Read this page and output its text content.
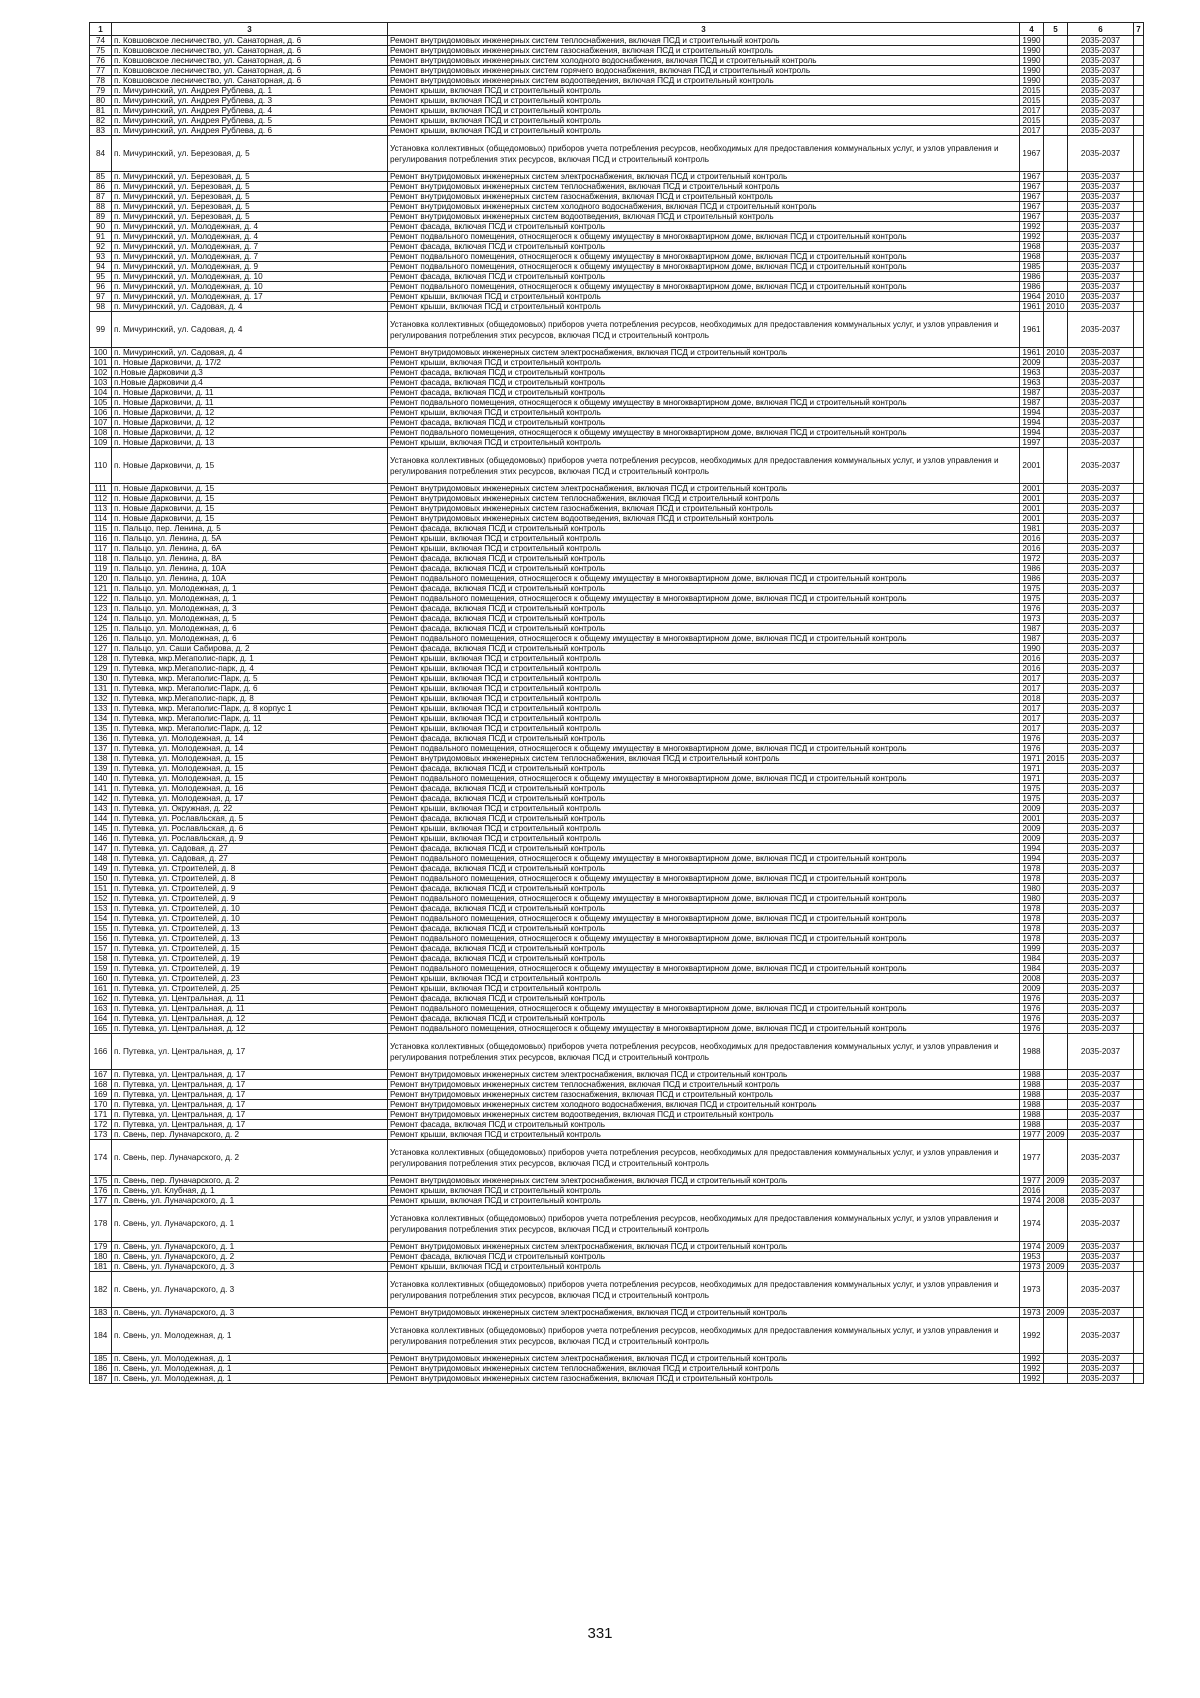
1	3	3	4	5	6	7
74	п. Ковшовское лесничество, ул. Санаторная, д. 6	Ремонт внутридомовых инженерных систем теплоснабжения, включая ПСД и строительный контроль	1990		2035-2037	
75	п. Ковшовское лесничество, ул. Санаторная, д. 6	Ремонт внутридомовых инженерных систем газоснабжения, включая ПСД и строительный контроль	1990		2035-2037	
76	п. Ковшовское лесничество, ул. Санаторная, д. 6	Ремонт внутридомовых инженерных систем холодного водоснабжения, включая ПСД и строительный контроль	1990		2035-2037	
77	п. Ковшовское лесничество, ул. Санаторная, д. 6	Ремонт внутридомовых инженерных систем горячего водоснабжения, включая ПСД и строительный контроль	1990		2035-2037	
78	п. Ковшовское лесничество, ул. Санаторная, д. 6	Ремонт внутридомовых инженерных систем водоотведения, включая ПСД и строительный контроль	1990		2035-2037	
79	п. Мичуринский, ул. Андрея Рублева, д. 1	Ремонт крыши, включая ПСД и строительный контроль	2015		2035-2037	
80	п. Мичуринский, ул. Андрея Рублева, д. 3	Ремонт крыши, включая ПСД и строительный контроль	2015		2035-2037	
81	п. Мичуринский, ул. Андрея Рублева, д. 4	Ремонт крыши, включая ПСД и строительный контроль	2017		2035-2037	
82	п. Мичуринский, ул. Андрея Рублева, д. 5	Ремонт крыши, включая ПСД и строительный контроль	2015		2035-2037	
83	п. Мичуринский, ул. Андрея Рублева, д. 6	Ремонт крыши, включая ПСД и строительный контроль	2017		2035-2037	
84	п. Мичуринский, ул. Березовая, д. 5	Установка коллективных (общедомовых) приборов учета потребления ресурсов, необходимых для предоставления коммунальных услуг, и узлов управления и регулирования потребления этих ресурсов, включая ПСД и строительный контроль	1967		2035-2037	
85	п. Мичуринский, ул. Березовая, д. 5	Ремонт внутридомовых инженерных систем электроснабжения, включая ПСД и строительный контроль	1967		2035-2037	
86	п. Мичуринский, ул. Березовая, д. 5	Ремонт внутридомовых инженерных систем теплоснабжения, включая ПСД и строительный контроль	1967		2035-2037	
87	п. Мичуринский, ул. Березовая, д. 5	Ремонт внутридомовых инженерных систем газоснабжения, включая ПСД и строительный контроль	1967		2035-2037	
88	п. Мичуринский, ул. Березовая, д. 5	Ремонт внутридомовых инженерных систем холодного водоснабжения, включая ПСД и строительный контроль	1967		2035-2037	
89	п. Мичуринский, ул. Березовая, д. 5	Ремонт внутридомовых инженерных систем водоотведения, включая ПСД и строительный контроль	1967		2035-2037	
90	п. Мичуринский, ул. Молодежная, д. 4	Ремонт фасада, включая ПСД и строительный контроль	1992		2035-2037	
91	п. Мичуринский, ул. Молодежная, д. 4	Ремонт подвального помещения, относящегося к общему имуществу в многоквартирном доме, включая ПСД и строительный контроль	1992		2035-2037	
92	п. Мичуринский, ул. Молодежная, д. 7	Ремонт фасада, включая ПСД и строительный контроль	1968		2035-2037	
93	п. Мичуринский, ул. Молодежная, д. 7	Ремонт подвального помещения, относящегося к общему имуществу в многоквартирном доме, включая ПСД и строительный контроль	1968		2035-2037	
94	п. Мичуринский, ул. Молодежная, д. 9	Ремонт подвального помещения, относящегося к общему имуществу в многоквартирном доме, включая ПСД и строительный контроль	1985		2035-2037	
95	п. Мичуринский, ул. Молодежная, д. 10	Ремонт фасада, включая ПСД и строительный контроль	1986		2035-2037	
96	п. Мичуринский, ул. Молодежная, д. 10	Ремонт подвального помещения, относящегося к общему имуществу в многоквартирном доме, включая ПСД и строительный контроль	1986		2035-2037	
97	п. Мичуринский, ул. Молодежная, д. 17	Ремонт крыши, включая ПСД и строительный контроль	1964	2010	2035-2037	
98	п. Мичуринский, ул. Садовая, д. 4	Ремонт крыши, включая ПСД и строительный контроль	1961	2010	2035-2037	
99	п. Мичуринский, ул. Садовая, д. 4	Установка коллективных (общедомовых) приборов учета потребления ресурсов, необходимых для предоставления коммунальных услуг, и узлов управления и регулирования потребления этих ресурсов, включая ПСД и строительный контроль	1961		2035-2037	
100	п. Мичуринский, ул. Садовая, д. 4	Ремонт внутридомовых инженерных систем электроснабжения, включая ПСД и строительный контроль	1961	2010	2035-2037	
101	п. Новые Дарковичи, д. 17/2	Ремонт крыши, включая ПСД и строительный контроль	2009		2035-2037	
102	п.Новые Дарковичи д.3	Ремонт фасада, включая ПСД и строительный контроль	1963		2035-2037	
103	п.Новые Дарковичи д.4	Ремонт фасада, включая ПСД и строительный контроль	1963		2035-2037	
104	п. Новые Дарковичи, д. 11	Ремонт фасада, включая ПСД и строительный контроль	1987		2035-2037	
105	п. Новые Дарковичи, д. 11	Ремонт подвального помещения, относящегося к общему имуществу в многоквартирном доме, включая ПСД и строительный контроль	1987		2035-2037	
106	п. Новые Дарковичи, д. 12	Ремонт крыши, включая ПСД и строительный контроль	1994		2035-2037	
107	п. Новые Дарковичи, д. 12	Ремонт фасада, включая ПСД и строительный контроль	1994		2035-2037	
108	п. Новые Дарковичи, д. 12	Ремонт подвального помещения, относящегося к общему имуществу в многоквартирном доме, включая ПСД и строительный контроль	1994		2035-2037	
109	п. Новые Дарковичи, д. 13	Ремонт крыши, включая ПСД и строительный контроль	1997		2035-2037	
110	п. Новые Дарковичи, д. 15	Установка коллективных (общедомовых) приборов учета потребления ресурсов, необходимых для предоставления коммунальных услуг, и узлов управления и регулирования потребления этих ресурсов, включая ПСД и строительный контроль	2001		2035-2037	
111	п. Новые Дарковичи, д. 15	Ремонт внутридомовых инженерных систем электроснабжения, включая ПСД и строительный контроль	2001		2035-2037	
112	п. Новые Дарковичи, д. 15	Ремонт внутридомовых инженерных систем теплоснабжения, включая ПСД и строительный контроль	2001		2035-2037	
113	п. Новые Дарковичи, д. 15	Ремонт внутридомовых инженерных систем газоснабжения, включая ПСД и строительный контроль	2001		2035-2037	
114	п. Новые Дарковичи, д. 15	Ремонт внутридомовых инженерных систем водоотведения, включая ПСД и строительный контроль	2001		2035-2037	
115	п. Пальцо, пер. Ленина, д. 5	Ремонт фасада, включая ПСД и строительный контроль	1981		2035-2037	
116	п. Пальцо, ул. Ленина, д. 5А	Ремонт крыши, включая ПСД и строительный контроль	2016		2035-2037	
117	п. Пальцо, ул. Ленина, д. 6А	Ремонт крыши, включая ПСД и строительный контроль	2016		2035-2037	
118	п. Пальцо, ул. Ленина, д. 8А	Ремонт фасада, включая ПСД и строительный контроль	1972		2035-2037	
119	п. Пальцо, ул. Ленина, д. 10А	Ремонт фасада, включая ПСД и строительный контроль	1986		2035-2037	
120	п. Пальцо, ул. Ленина, д. 10А	Ремонт подвального помещения, относящегося к общему имуществу в многоквартирном доме, включая ПСД и строительный контроль	1986		2035-2037	
121	п. Пальцо, ул. Молодежная, д. 1	Ремонт фасада, включая ПСД и строительный контроль	1975		2035-2037	
122	п. Пальцо, ул. Молодежная, д. 1	Ремонт подвального помещения, относящегося к общему имуществу в многоквартирном доме, включая ПСД и строительный контроль	1975		2035-2037	
123	п. Пальцо, ул. Молодежная, д. 3	Ремонт фасада, включая ПСД и строительный контроль	1976		2035-2037	
124	п. Пальцо, ул. Молодежная, д. 5	Ремонт фасада, включая ПСД и строительный контроль	1973		2035-2037	
125	п. Пальцо, ул. Молодежная, д. 6	Ремонт фасада, включая ПСД и строительный контроль	1987		2035-2037	
126	п. Пальцо, ул. Молодежная, д. 6	Ремонт подвального помещения, относящегося к общему имуществу в многоквартирном доме, включая ПСД и строительный контроль	1987		2035-2037	
127	п. Пальцо, ул. Саши Сабирова, д. 2	Ремонт фасада, включая ПСД и строительный контроль	1990		2035-2037	
128	п. Путевка, мкр.Мегаполис-парк, д. 1	Ремонт крыши, включая ПСД и строительный контроль	2016		2035-2037	
129	п. Путевка, мкр.Мегаполис-парк, д. 4	Ремонт крыши, включая ПСД и строительный контроль	2016		2035-2037	
130	п. Путевка, мкр. Мегаполис-Парк, д. 5	Ремонт крыши, включая ПСД и строительный контроль	2017		2035-2037	
131	п. Путевка, мкр. Мегаполис-Парк, д. 6	Ремонт крыши, включая ПСД и строительный контроль	2017		2035-2037	
132	п. Путевка, мкр.Мегаполис-парк, д. 8	Ремонт крыши, включая ПСД и строительный контроль	2018		2035-2037	
133	п. Путевка, мкр. Мегаполис-Парк, д. 8 корпус 1	Ремонт крыши, включая ПСД и строительный контроль	2017		2035-2037	
134	п. Путевка, мкр. Мегаполис-Парк, д. 11	Ремонт крыши, включая ПСД и строительный контроль	2017		2035-2037	
135	п. Путевка, мкр. Мегаполис-Парк, д. 12	Ремонт крыши, включая ПСД и строительный контроль	2017		2035-2037	
136	п. Путевка, ул. Молодежная, д. 14	Ремонт фасада, включая ПСД и строительный контроль	1976		2035-2037	
137	п. Путевка, ул. Молодежная, д. 14	Ремонт подвального помещения, относящегося к общему имуществу в многоквартирном доме, включая ПСД и строительный контроль	1976		2035-2037	
138	п. Путевка, ул. Молодежная, д. 15	Ремонт внутридомовых инженерных систем теплоснабжения, включая ПСД и строительный контроль	1971	2015	2035-2037	
139	п. Путевка, ул. Молодежная, д. 15	Ремонт фасада, включая ПСД и строительный контроль	1971		2035-2037	
140	п. Путевка, ул. Молодежная, д. 15	Ремонт подвального помещения, относящегося к общему имуществу в многоквартирном доме, включая ПСД и строительный контроль	1971		2035-2037	
141	п. Путевка, ул. Молодежная, д. 16	Ремонт фасада, включая ПСД и строительный контроль	1975		2035-2037	
142	п. Путевка, ул. Молодежная, д. 17	Ремонт фасада, включая ПСД и строительный контроль	1975		2035-2037	
143	п. Путевка, ул. Окружная, д. 22	Ремонт крыши, включая ПСД и строительный контроль	2009		2035-2037	
144	п. Путевка, ул. Рославльская, д. 5	Ремонт фасада, включая ПСД и строительный контроль	2001		2035-2037	
145	п. Путевка, ул. Рославльская, д. 6	Ремонт крыши, включая ПСД и строительный контроль	2009		2035-2037	
146	п. Путевка, ул. Рославльская, д. 9	Ремонт крыши, включая ПСД и строительный контроль	2009		2035-2037	
147	п. Путевка, ул. Садовая, д. 27	Ремонт фасада, включая ПСД и строительный контроль	1994		2035-2037	
148	п. Путевка, ул. Садовая, д. 27	Ремонт подвального помещения, относящегося к общему имуществу в многоквартирном доме, включая ПСД и строительный контроль	1994		2035-2037	
149	п. Путевка, ул. Строителей, д. 8	Ремонт фасада, включая ПСД и строительный контроль	1978		2035-2037	
150	п. Путевка, ул. Строителей, д. 8	Ремонт подвального помещения, относящегося к общему имуществу в многоквартирном доме, включая ПСД и строительный контроль	1978		2035-2037	
151	п. Путевка, ул. Строителей, д. 9	Ремонт фасада, включая ПСД и строительный контроль	1980		2035-2037	
152	п. Путевка, ул. Строителей, д. 9	Ремонт подвального помещения, относящегося к общему имуществу в многоквартирном доме, включая ПСД и строительный контроль	1980		2035-2037	
153	п. Путевка, ул. Строителей, д. 10	Ремонт фасада, включая ПСД и строительный контроль	1978		2035-2037	
154	п. Путевка, ул. Строителей, д. 10	Ремонт подвального помещения, относящегося к общему имуществу в многоквартирном доме, включая ПСД и строительный контроль	1978		2035-2037	
155	п. Путевка, ул. Строителей, д. 13	Ремонт фасада, включая ПСД и строительный контроль	1978		2035-2037	
156	п. Путевка, ул. Строителей, д. 13	Ремонт подвального помещения, относящегося к общему имуществу в многоквартирном доме, включая ПСД и строительный контроль	1978		2035-2037	
157	п. Путевка, ул. Строителей, д. 15	Ремонт фасада, включая ПСД и строительный контроль	1999		2035-2037	
158	п. Путевка, ул. Строителей, д. 19	Ремонт фасада, включая ПСД и строительный контроль	1984		2035-2037	
159	п. Путевка, ул. Строителей, д. 19	Ремонт подвального помещения, относящегося к общему имуществу в многоквартирном доме, включая ПСД и строительный контроль	1984		2035-2037	
160	п. Путевка, ул. Строителей, д. 23	Ремонт крыши, включая ПСД и строительный контроль	2008		2035-2037	
161	п. Путевка, ул. Строителей, д. 25	Ремонт крыши, включая ПСД и строительный контроль	2009		2035-2037	
162	п. Путевка, ул. Центральная, д. 11	Ремонт фасада, включая ПСД и строительный контроль	1976		2035-2037	
163	п. Путевка, ул. Центральная, д. 11	Ремонт подвального помещения, относящегося к общему имуществу в многоквартирном доме, включая ПСД и строительный контроль	1976		2035-2037	
164	п. Путевка, ул. Центральная, д. 12	Ремонт фасада, включая ПСД и строительный контроль	1976		2035-2037	
165	п. Путевка, ул. Центральная, д. 12	Ремонт подвального помещения, относящегося к общему имуществу в многоквартирном доме, включая ПСД и строительный контроль	1976		2035-2037	
166	п. Путевка, ул. Центральная, д. 17	Установка коллективных (общедомовых) приборов учета потребления ресурсов, необходимых для предоставления коммунальных услуг, и узлов управления и регулирования потребления этих ресурсов, включая ПСД и строительный контроль	1988		2035-2037	
167	п. Путевка, ул. Центральная, д. 17	Ремонт внутридомовых инженерных систем электроснабжения, включая ПСД и строительный контроль	1988		2035-2037	
168	п. Путевка, ул. Центральная, д. 17	Ремонт внутридомовых инженерных систем теплоснабжения, включая ПСД и строительный контроль	1988		2035-2037	
169	п. Путевка, ул. Центральная, д. 17	Ремонт внутридомовых инженерных систем газоснабжения, включая ПСД и строительный контроль	1988		2035-2037	
170	п. Путевка, ул. Центральная, д. 17	Ремонт внутридомовых инженерных систем холодного водоснабжения, включая ПСД и строительный контроль	1988		2035-2037	
171	п. Путевка, ул. Центральная, д. 17	Ремонт внутридомовых инженерных систем водоотведения, включая ПСД и строительный контроль	1988		2035-2037	
172	п. Путевка, ул. Центральная, д. 17	Ремонт фасада, включая ПСД и строительный контроль	1988		2035-2037	
173	п. Свень, пер. Луначарского, д. 2	Ремонт крыши, включая ПСД и строительный контроль	1977	2009	2035-2037	
174	п. Свень, пер. Луначарского, д. 2	Установка коллективных (общедомовых) приборов учета потребления ресурсов, необходимых для предоставления коммунальных услуг, и узлов управления и регулирования потребления этих ресурсов, включая ПСД и строительный контроль	1977		2035-2037	
175	п. Свень, пер. Луначарского, д. 2	Ремонт внутридомовых инженерных систем электроснабжения, включая ПСД и строительный контроль	1977	2009	2035-2037	
176	п. Свень, ул. Клубная, д. 1	Ремонт крыши, включая ПСД и строительный контроль	2016		2035-2037	
177	п. Свень, ул. Луначарского, д. 1	Ремонт крыши, включая ПСД и строительный контроль	1974	2008	2035-2037	
178	п. Свень, ул. Луначарского, д. 1	Установка коллективных (общедомовых) приборов учета потребления ресурсов, необходимых для предоставления коммунальных услуг, и узлов управления и регулирования потребления этих ресурсов, включая ПСД и строительный контроль	1974		2035-2037	
179	п. Свень, ул. Луначарского, д. 1	Ремонт внутридомовых инженерных систем электроснабжения, включая ПСД и строительный контроль	1974	2009	2035-2037	
180	п. Свень, ул. Луначарского, д. 2	Ремонт фасада, включая ПСД и строительный контроль	1953		2035-2037	
181	п. Свень, ул. Луначарского, д. 3	Ремонт крыши, включая ПСД и строительный контроль	1973	2009	2035-2037	
182	п. Свень, ул. Луначарского, д. 3	Установка коллективных (общедомовых) приборов учета потребления ресурсов, необходимых для предоставления коммунальных услуг, и узлов управления и регулирования потребления этих ресурсов, включая ПСД и строительный контроль	1973		2035-2037	
183	п. Свень, ул. Луначарского, д. 3	Ремонт внутридомовых инженерных систем электроснабжения, включая ПСД и строительный контроль	1973	2009	2035-2037	
184	п. Свень, ул. Молодежная, д. 1	Установка коллективных (общедомовых) приборов учета потребления ресурсов, необходимых для предоставления коммунальных услуг, и узлов управления и регулирования потребления этих ресурсов, включая ПСД и строительный контроль	1992		2035-2037	
185	п. Свень, ул. Молодежная, д. 1	Ремонт внутридомовых инженерных систем электроснабжения, включая ПСД и строительный контроль	1992		2035-2037	
186	п. Свень, ул. Молодежная, д. 1	Ремонт внутридомовых инженерных систем теплоснабжения, включая ПСД и строительный контроль	1992		2035-2037	
187	п. Свень, ул. Молодежная, д. 1	Ремонт внутридомовых инженерных систем газоснабжения, включая ПСД и строительный контроль	1992		2035-2037	
331
